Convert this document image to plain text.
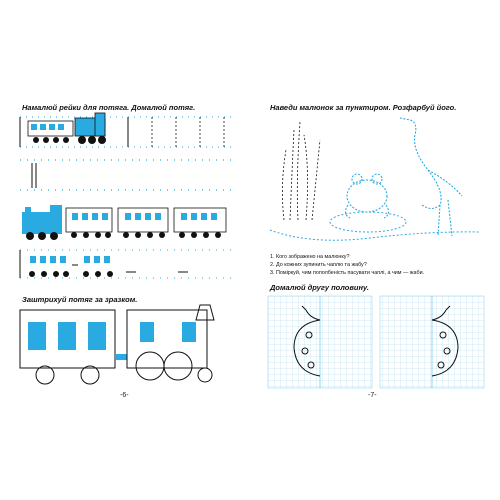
Намалюй рейки для потяга. Домалюй потяг.
Заштрихуй потяг за зразком.
-6-
Наведи малюнок за пунктиром. Розфарбуй його.
1. Кого зображено на малюнку?
2. До кожних зупинить чаплю та жабу?
3. Поміркуй, чим пополбеність пасувати чаплі, а чим — жаби.
Домалюй другу половину.
-7-
